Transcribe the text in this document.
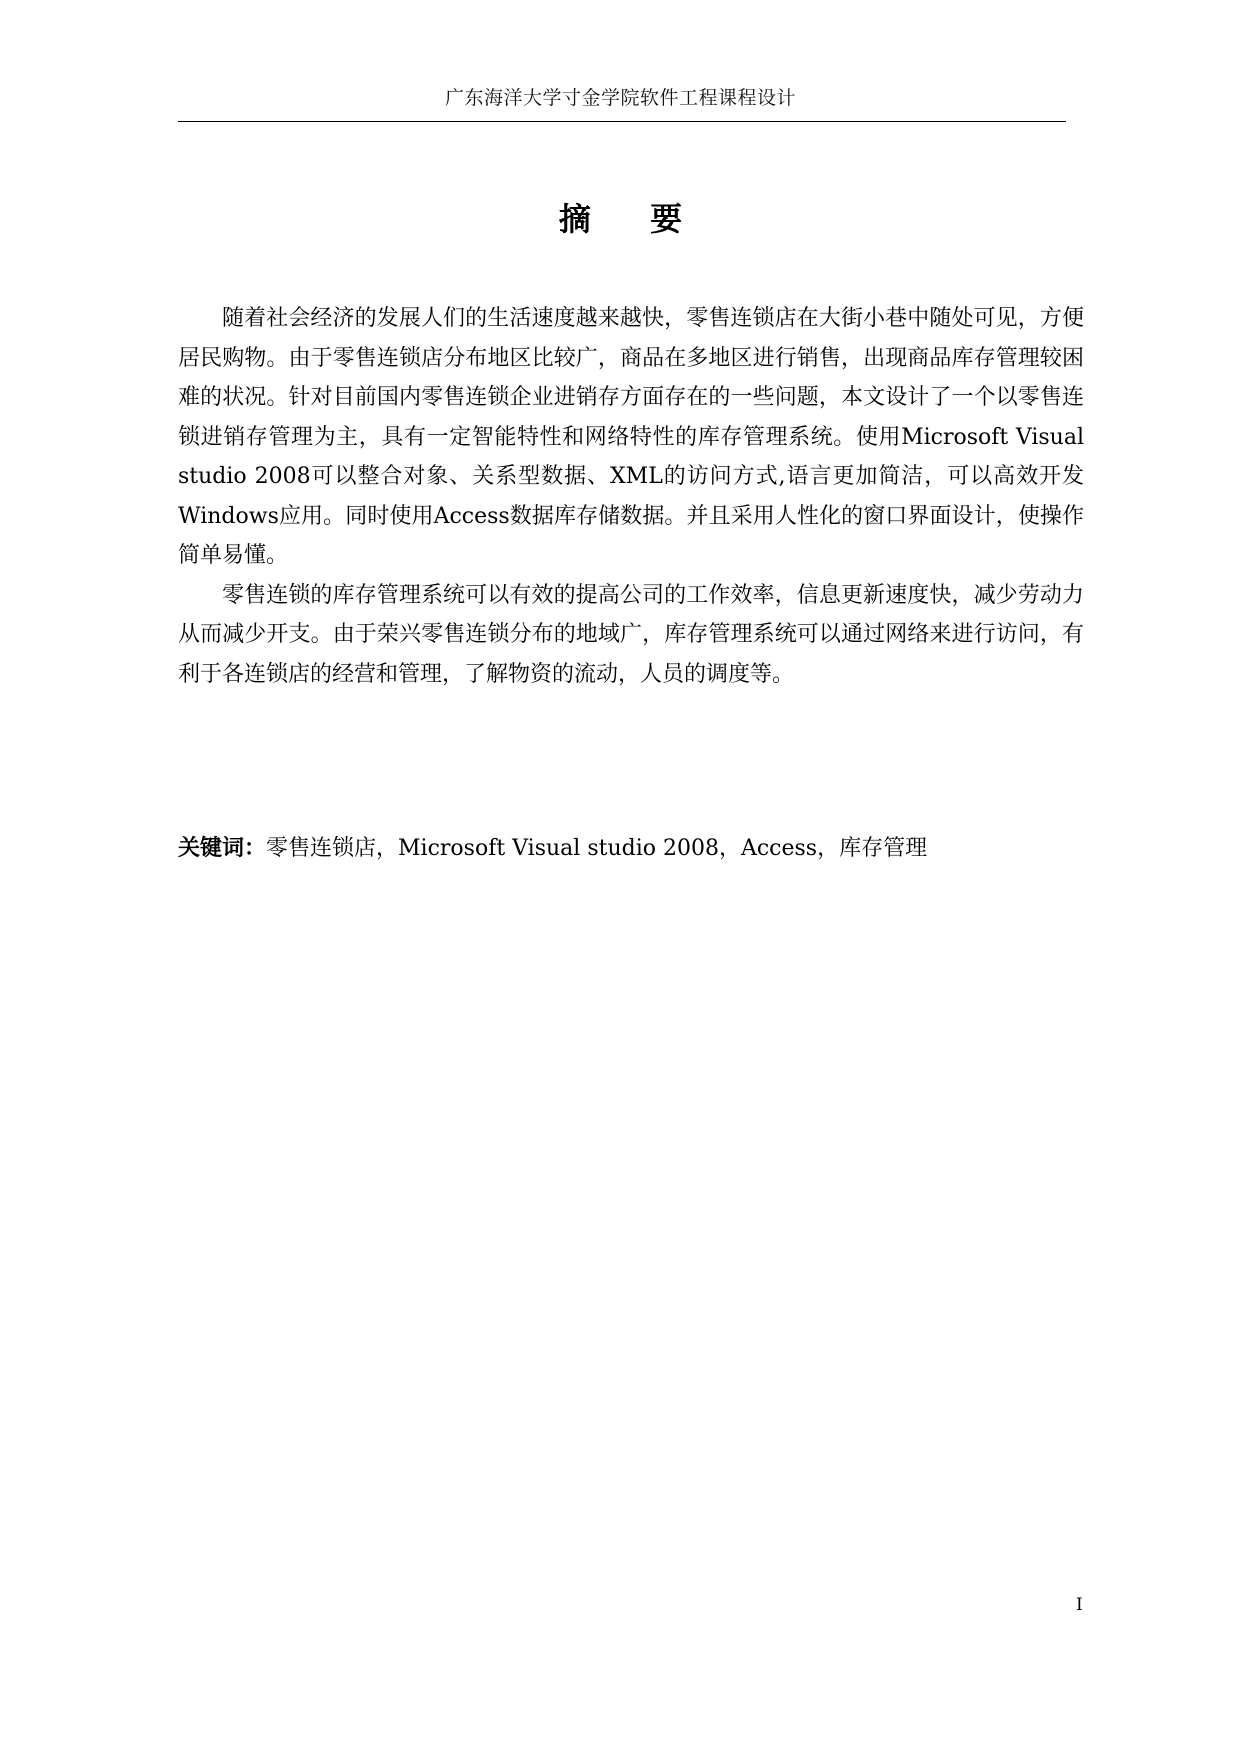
广东海洋大学寸金学院软件工程课程设计
摘 要

随着社会经济的发展人们的生活速度越来越快，零售连锁店在大街小巷中随处可见，方便居民购物。由于零售连锁店分布地区比较广，商品在多地区进行销售，出现商品库存管理较困难的状况。针对目前国内零售连锁企业进销存方面存在的一些问题，本文设计了一个以零售连锁进销存管理为主，具有一定智能特性和网络特性的库存管理系统。使用Microsoft Visual studio 2008可以整合对象、关系型数据、XML的访问方式,语言更加简洁，可以高效开发Windows应用。同时使用Access数据库存储数据。并且采用人性化的窗口界面设计，使操作简单易懂。

零售连锁的库存管理系统可以有效的提高公司的工作效率，信息更新速度快，减少劳动力从而减少开支。由于荣兴零售连锁分布的地域广，库存管理系统可以通过网络来进行访问，有利于各连锁店的经营和管理，了解物资的流动，人员的调度等。

关键词：零售连锁店，Microsoft Visual studio 2008，Access，库存管理
I
